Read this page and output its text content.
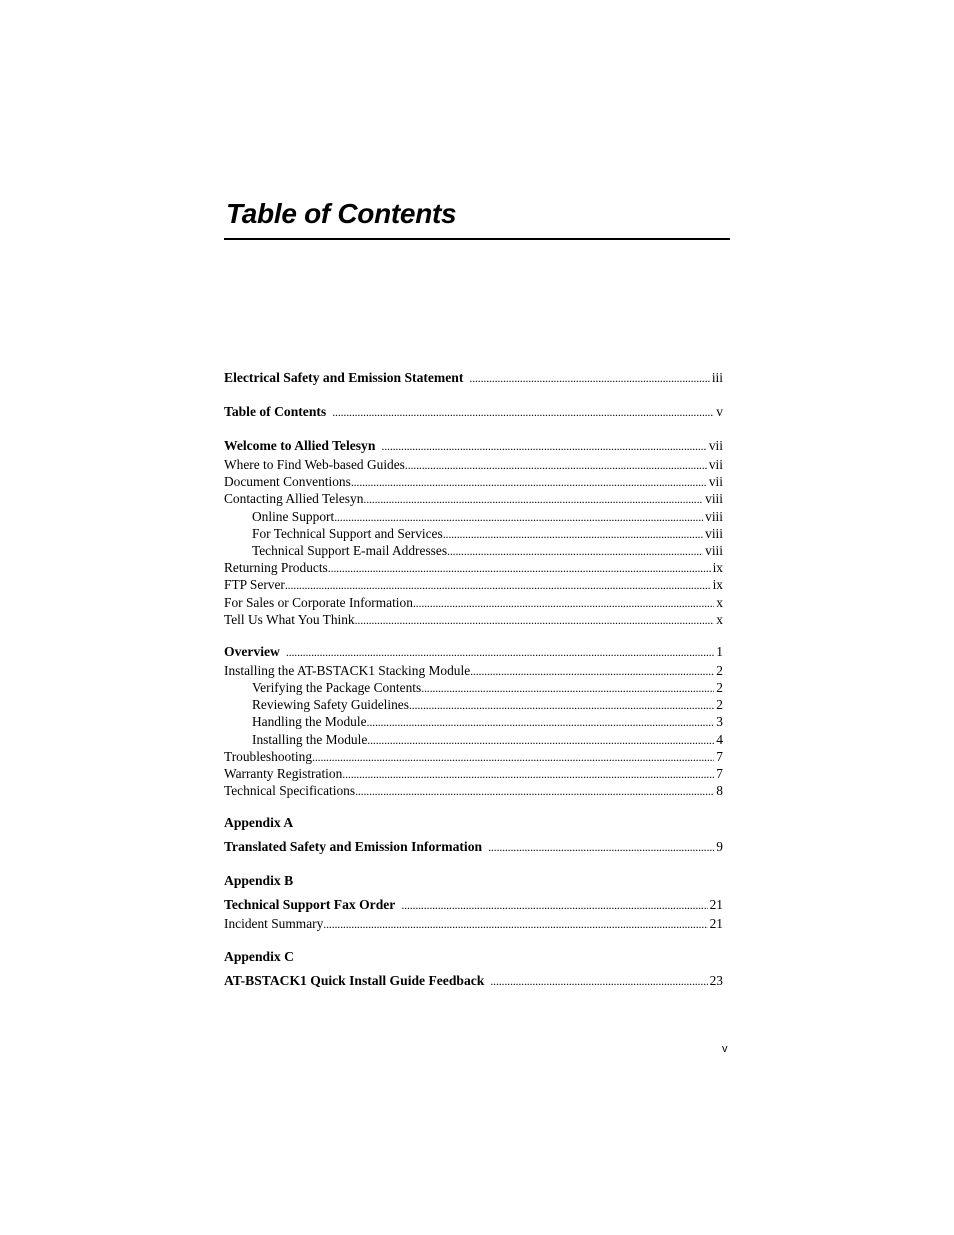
Table of Contents
Electrical Safety and Emission Statement . . .	iii
Table of Contents . . .	v
Welcome to Allied Telesyn . . .	vii
Where to Find Web-based Guides . . .	vii
Document Conventions . . .	vii
Contacting Allied Telesyn . . .	viii
Online Support . . .	viii
For Technical Support and Services . . .	viii
Technical Support E-mail Addresses . . .	viii
Returning Products . . .	ix
FTP Server . . .	ix
For Sales or Corporate Information . . .	x
Tell Us What You Think . . .	x
Overview . . .	1
Installing the AT-BSTACK1 Stacking Module . . .	2
Verifying the Package Contents . . .	2
Reviewing Safety Guidelines . . .	2
Handling the Module . . .	3
Installing the Module . . .	4
Troubleshooting . . .	7
Warranty Registration . . .	7
Technical Specifications . . .	8
Appendix A
Translated Safety and Emission Information . . .	9
Appendix B
Technical Support Fax Order . . .	21
Incident Summary . . .	21
Appendix C
AT-BSTACK1 Quick Install Guide Feedback . . .	23
v
